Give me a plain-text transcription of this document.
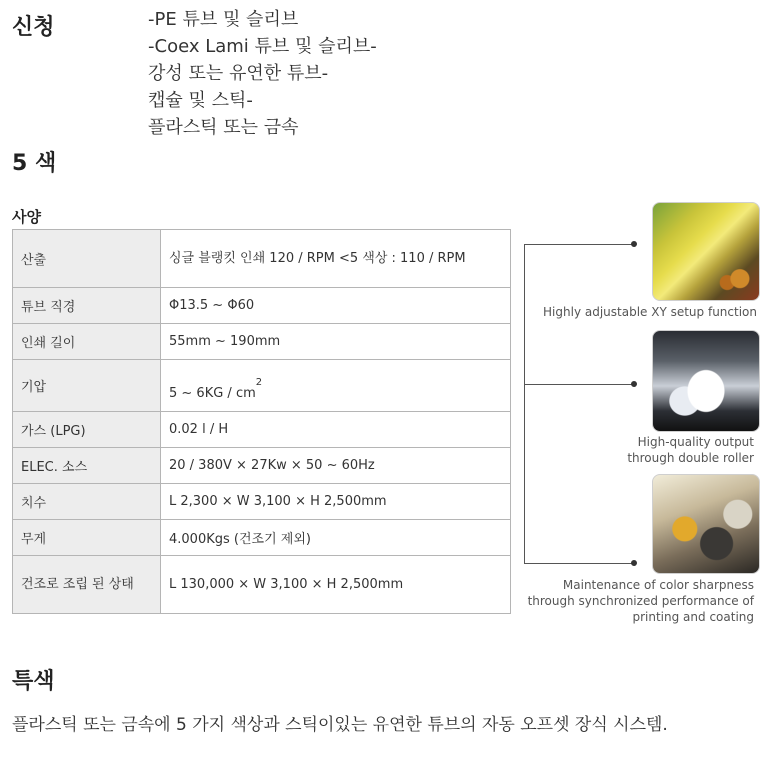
신청	-PE 튜브 및 슬리브
-Coex Lami 튜브 및 슬리브-
강성 또는 유연한 튜브-
캡슐 및 스틱-
플라스틱 또는 금속
5 색
사양
산출	싱글 블랭킷 인쇄 120 / RPM <5 색상 : 110 / RPM
튜브 직경	Φ13.5 ~ Φ60
인쇄 길이	55mm ~ 190mm
기압	5 ~ $6KG / cm^2$
가스 (LPG)	0.02 l / H
ELEC. 소스	20 / 380V × 27Kw × 50 ~ 60Hz
치수	L 2,300 × W 3,100 × H 2,500mm
무게	4.000Kgs (건조기 제외)
건조로 조립 된 상태	L 130,000 × W 3,100 × H 2,500mm
Highly adjustable XY setup function
High-quality output
through double roller
Maintenance of color sharpness
through synchronized performance of
printing and coating
특색
플라스틱 또는 금속에 5 가지 색상과 스틱이있는 유연한 튜브의 자동 오프셋 장식 시스템.
